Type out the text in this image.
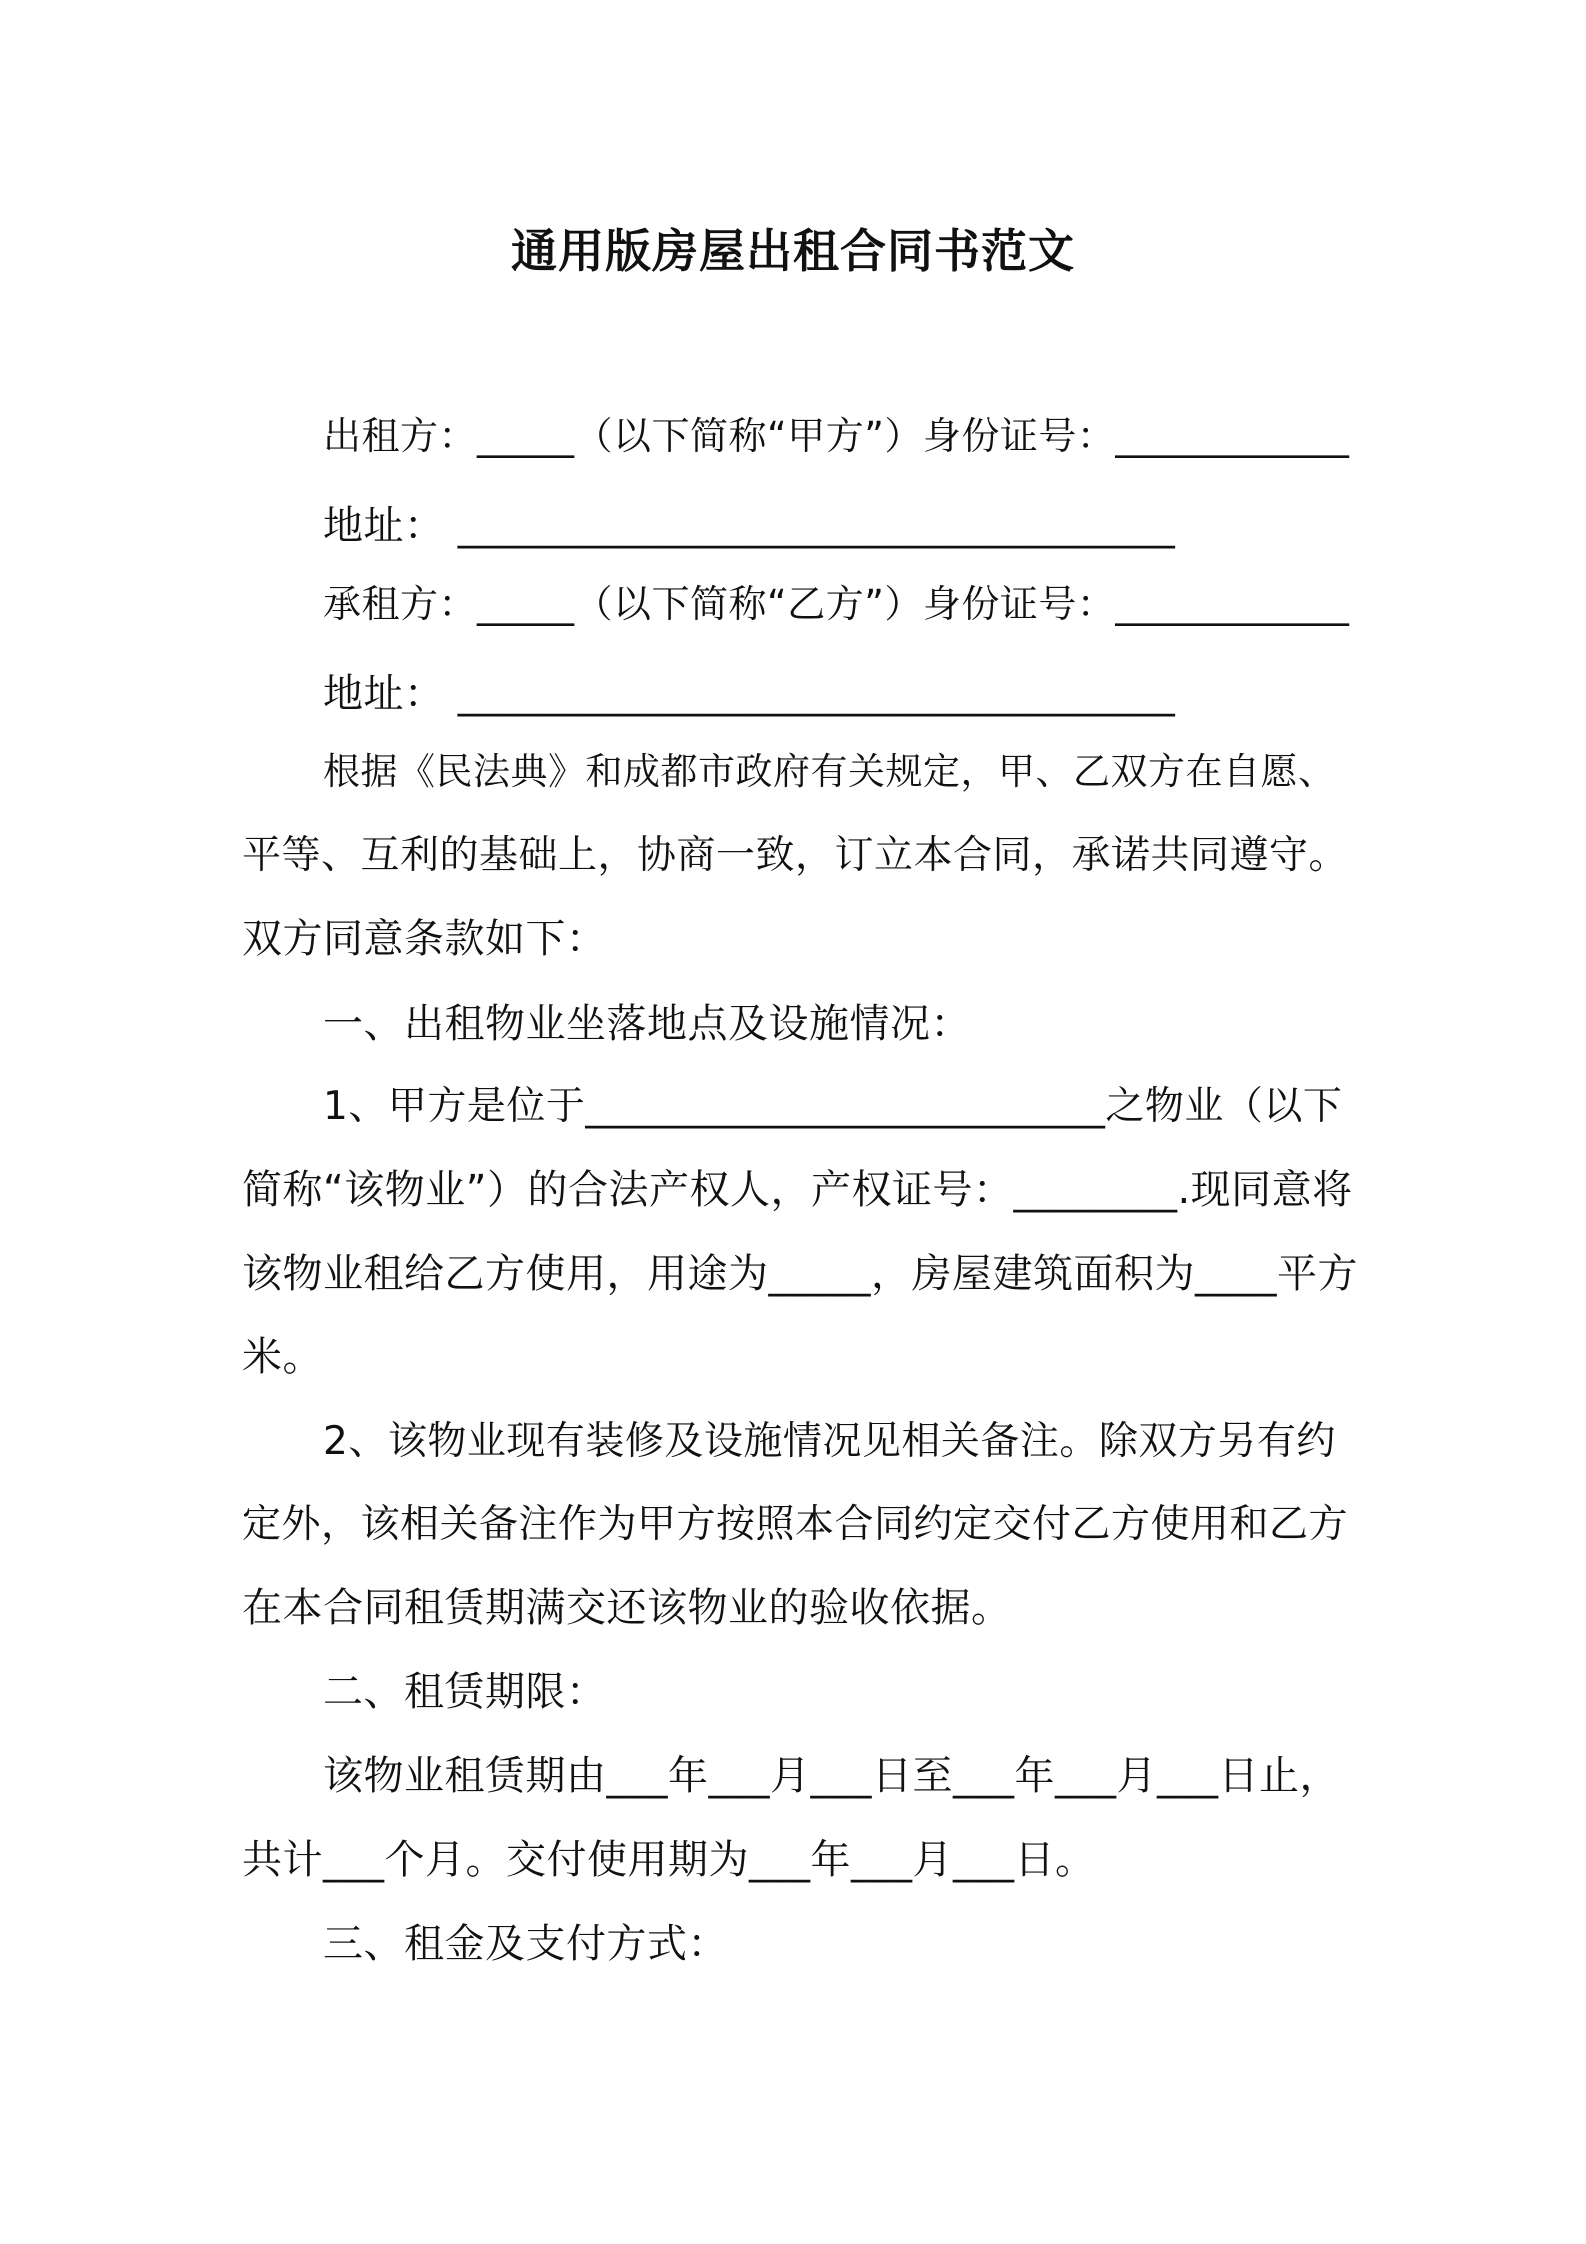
通用版房屋出租合同书范文
出租方：_____（以下简称“甲方”）身份证号：____________
地址： ___________________________________
承租方：_____（以下简称“乙方”）身份证号：____________
地址： ___________________________________
根据《民法典》和成都市政府有关规定，甲、乙双方在自愿、
平等、互利的基础上，协商一致，订立本合同，承诺共同遵守。
双方同意条款如下：
一、出租物业坐落地点及设施情况：
1、甲方是位于__________________________之物业（以下
简称“该物业”）的合法产权人，产权证号：________.现同意将
该物业租给乙方使用，用途为_____，房屋建筑面积为____平方
米。
2、该物业现有装修及设施情况见相关备注。除双方另有约
定外，该相关备注作为甲方按照本合同约定交付乙方使用和乙方
在本合同租赁期满交还该物业的验收依据。
二、租赁期限：
该物业租赁期由___年___月___日至___年___月___日止，
共计___个月。交付使用期为___年___月___日。
三、租金及支付方式：
